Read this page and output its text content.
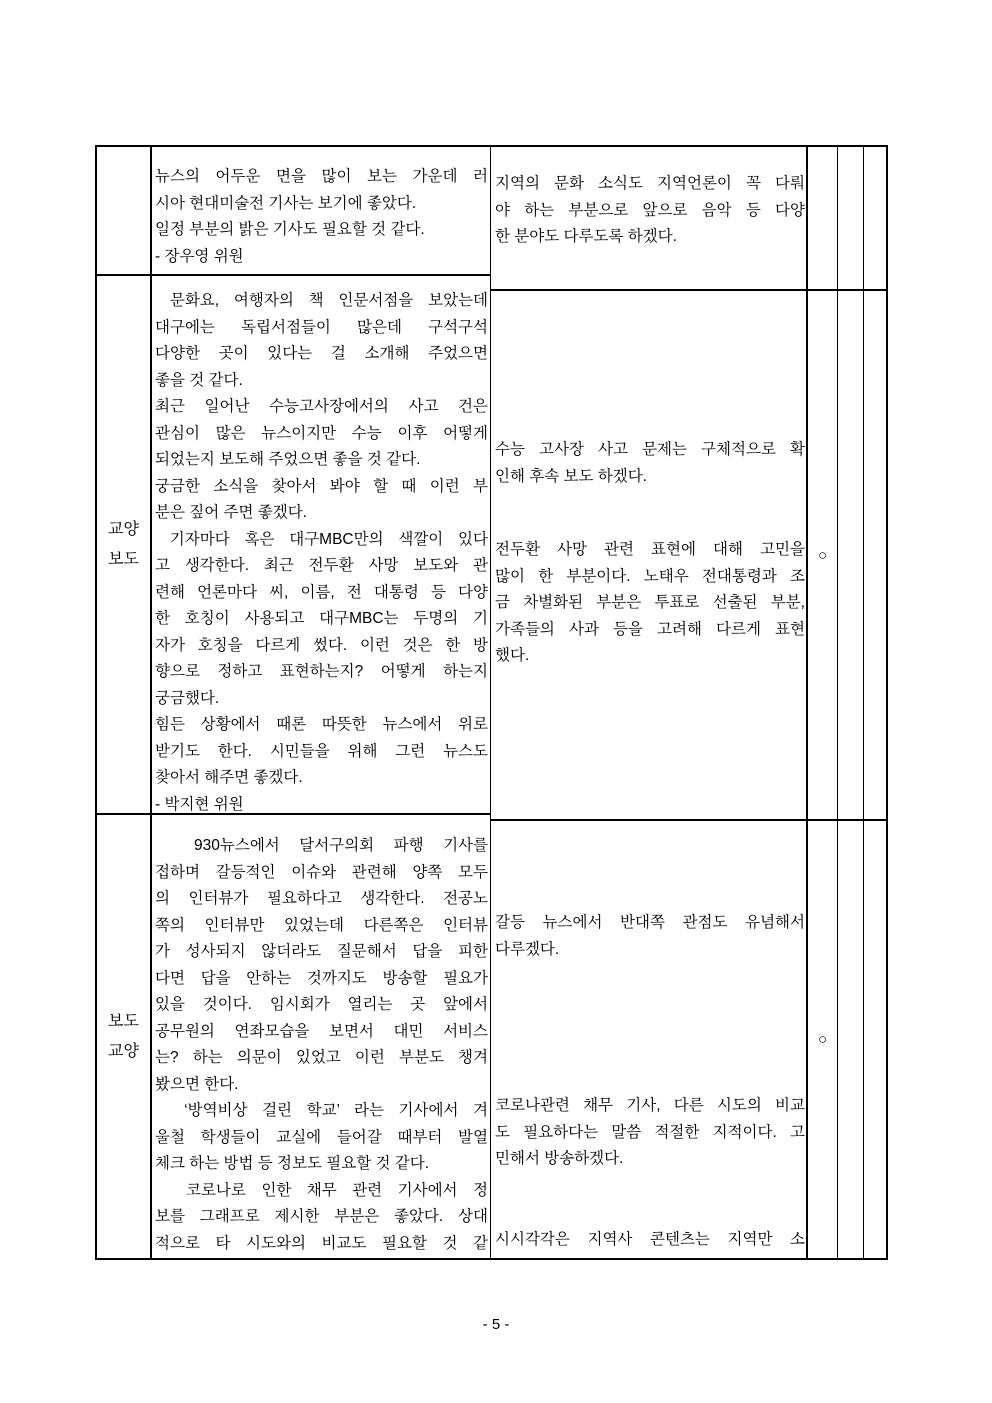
교양
보도
보도
교양
뉴스의 어두운 면을 많이 보는 가운데 러
시아 현대미술전 기사는 보기에 좋았다.
일정 부분의 밝은 기사도 필요할 것 같다.
- 장우영 위원
문화요, 여행자의 책 인문서점을 보았는데
대구에는 독립서점들이 많은데 구석구석
다양한 곳이 있다는 걸 소개해 주었으면
좋을 것 같다.
최근 일어난 수능고사장에서의 사고 건은
관심이 많은 뉴스이지만 수능 이후 어떻게
되었는지 보도해 주었으면 좋을 것 같다.
궁금한 소식을 찾아서 봐야 할 때 이런 부
분은 짚어 주면 좋겠다.
기자마다 혹은 대구MBC만의 색깔이 있다
고 생각한다. 최근 전두환 사망 보도와 관
련해 언론마다 씨, 이름, 전 대통령 등 다양
한 호칭이 사용되고 대구MBC는 두명의 기
자가 호칭을 다르게 썼다. 이런 것은 한 방
향으로 정하고 표현하는지? 어떻게 하는지
궁금했다.
힘든 상황에서 때론 따뜻한 뉴스에서 위로
받기도 한다. 시민들을 위해 그런 뉴스도
찾아서 해주면 좋겠다.
- 박지현 위원
930뉴스에서 달서구의회 파행 기사를
접하며 갈등적인 이슈와 관련해 양쪽 모두
의 인터뷰가 필요하다고 생각한다. 전공노
쪽의 인터뷰만 있었는데 다른쪽은 인터뷰
가 성사되지 않더라도 질문해서 답을 피한
다면 답을 안하는 것까지도 방송할 필요가
있을 것이다. 임시회가 열리는 곳 앞에서
공무원의 연좌모습을 보면서 대민 서비스
는? 하는 의문이 있었고 이런 부분도 챙겨
봤으면 한다.
‘방역비상 걸린 학교’ 라는 기사에서 겨
울철 학생들이 교실에 들어갈 때부터 발열
체크 하는 방법 등 정보도 필요할 것 같다.
코로나로 인한 채무 관련 기사에서 정
보를 그래프로 제시한 부분은 좋았다. 상대
적으로 타 시도와의 비교도 필요할 것 같
지역의 문화 소식도 지역언론이 꼭 다뤄
야 하는 부분으로 앞으로 음악 등 다양
한 분야도 다루도록 하겠다.
수능 고사장 사고 문제는 구체적으로 확
인해 후속 보도 하겠다.
전두환 사망 관련 표현에 대해 고민을
많이 한 부분이다. 노태우 전대통령과 조
금 차별화된 부분은 투표로 선출된 부분,
가족들의 사과 등을 고려해 다르게 표현
했다.
갈등 뉴스에서 반대쪽 관점도 유념해서
다루겠다.
코로나관련 채무 기사, 다른 시도의 비교
도 필요하다는 말씀 적절한 지적이다. 고
민해서 방송하겠다.
시시각각은 지역사 콘텐츠는 지역만 소
○
○
- 5 -
